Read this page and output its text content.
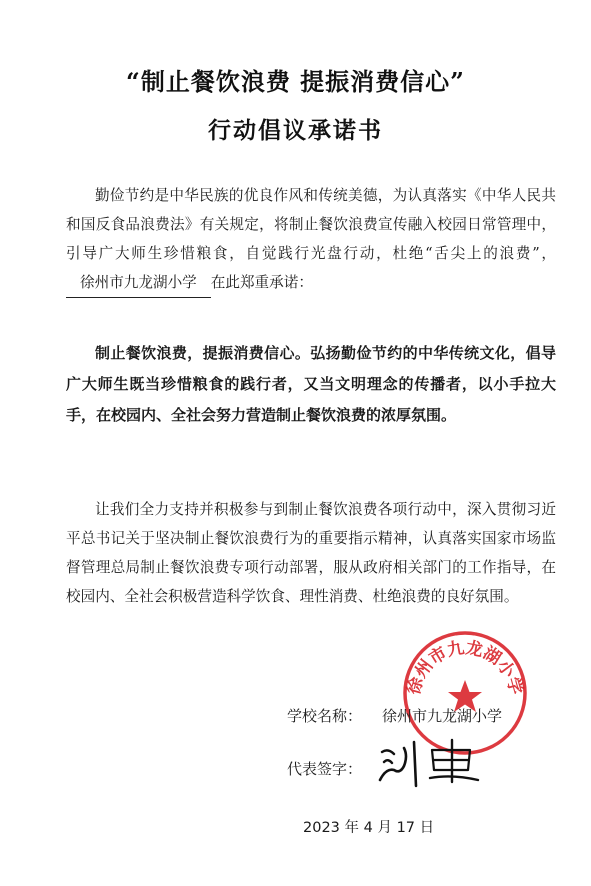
“制止餐饮浪费 提振消费信心”
行动倡议承诺书
勤俭节约是中华民族的优良作风和传统美德，为认真落实《中华人民共和国反食品浪费法》有关规定，将制止餐饮浪费宣传融入校园日常管理中，引导广大师生珍惜粮食，自觉践行光盘行动，杜绝“舌尖上的浪费”，徐州市九龙湖小学 在此郑重承诺：
制止餐饮浪费，提振消费信心。弘扬勤俭节约的中华传统文化，倡导广大师生既当珍惜粮食的践行者，又当文明理念的传播者，以小手拉大手，在校园内、全社会努力营造制止餐饮浪费的浓厚氛围。
让我们全力支持并积极参与到制止餐饮浪费各项行动中，深入贯彻习近平总书记关于坚决制止餐饮浪费行为的重要指示精神，认真落实国家市场监督管理总局制止餐饮浪费专项行动部署，服从政府相关部门的工作指导，在校园内、全社会积极营造科学饮食、理性消费、杜绝浪费的良好氛围。
徐州市九龙湖小学
学校名称： 徐州市九龙湖小学
代表签字：
2023 年 4 月 17 日
